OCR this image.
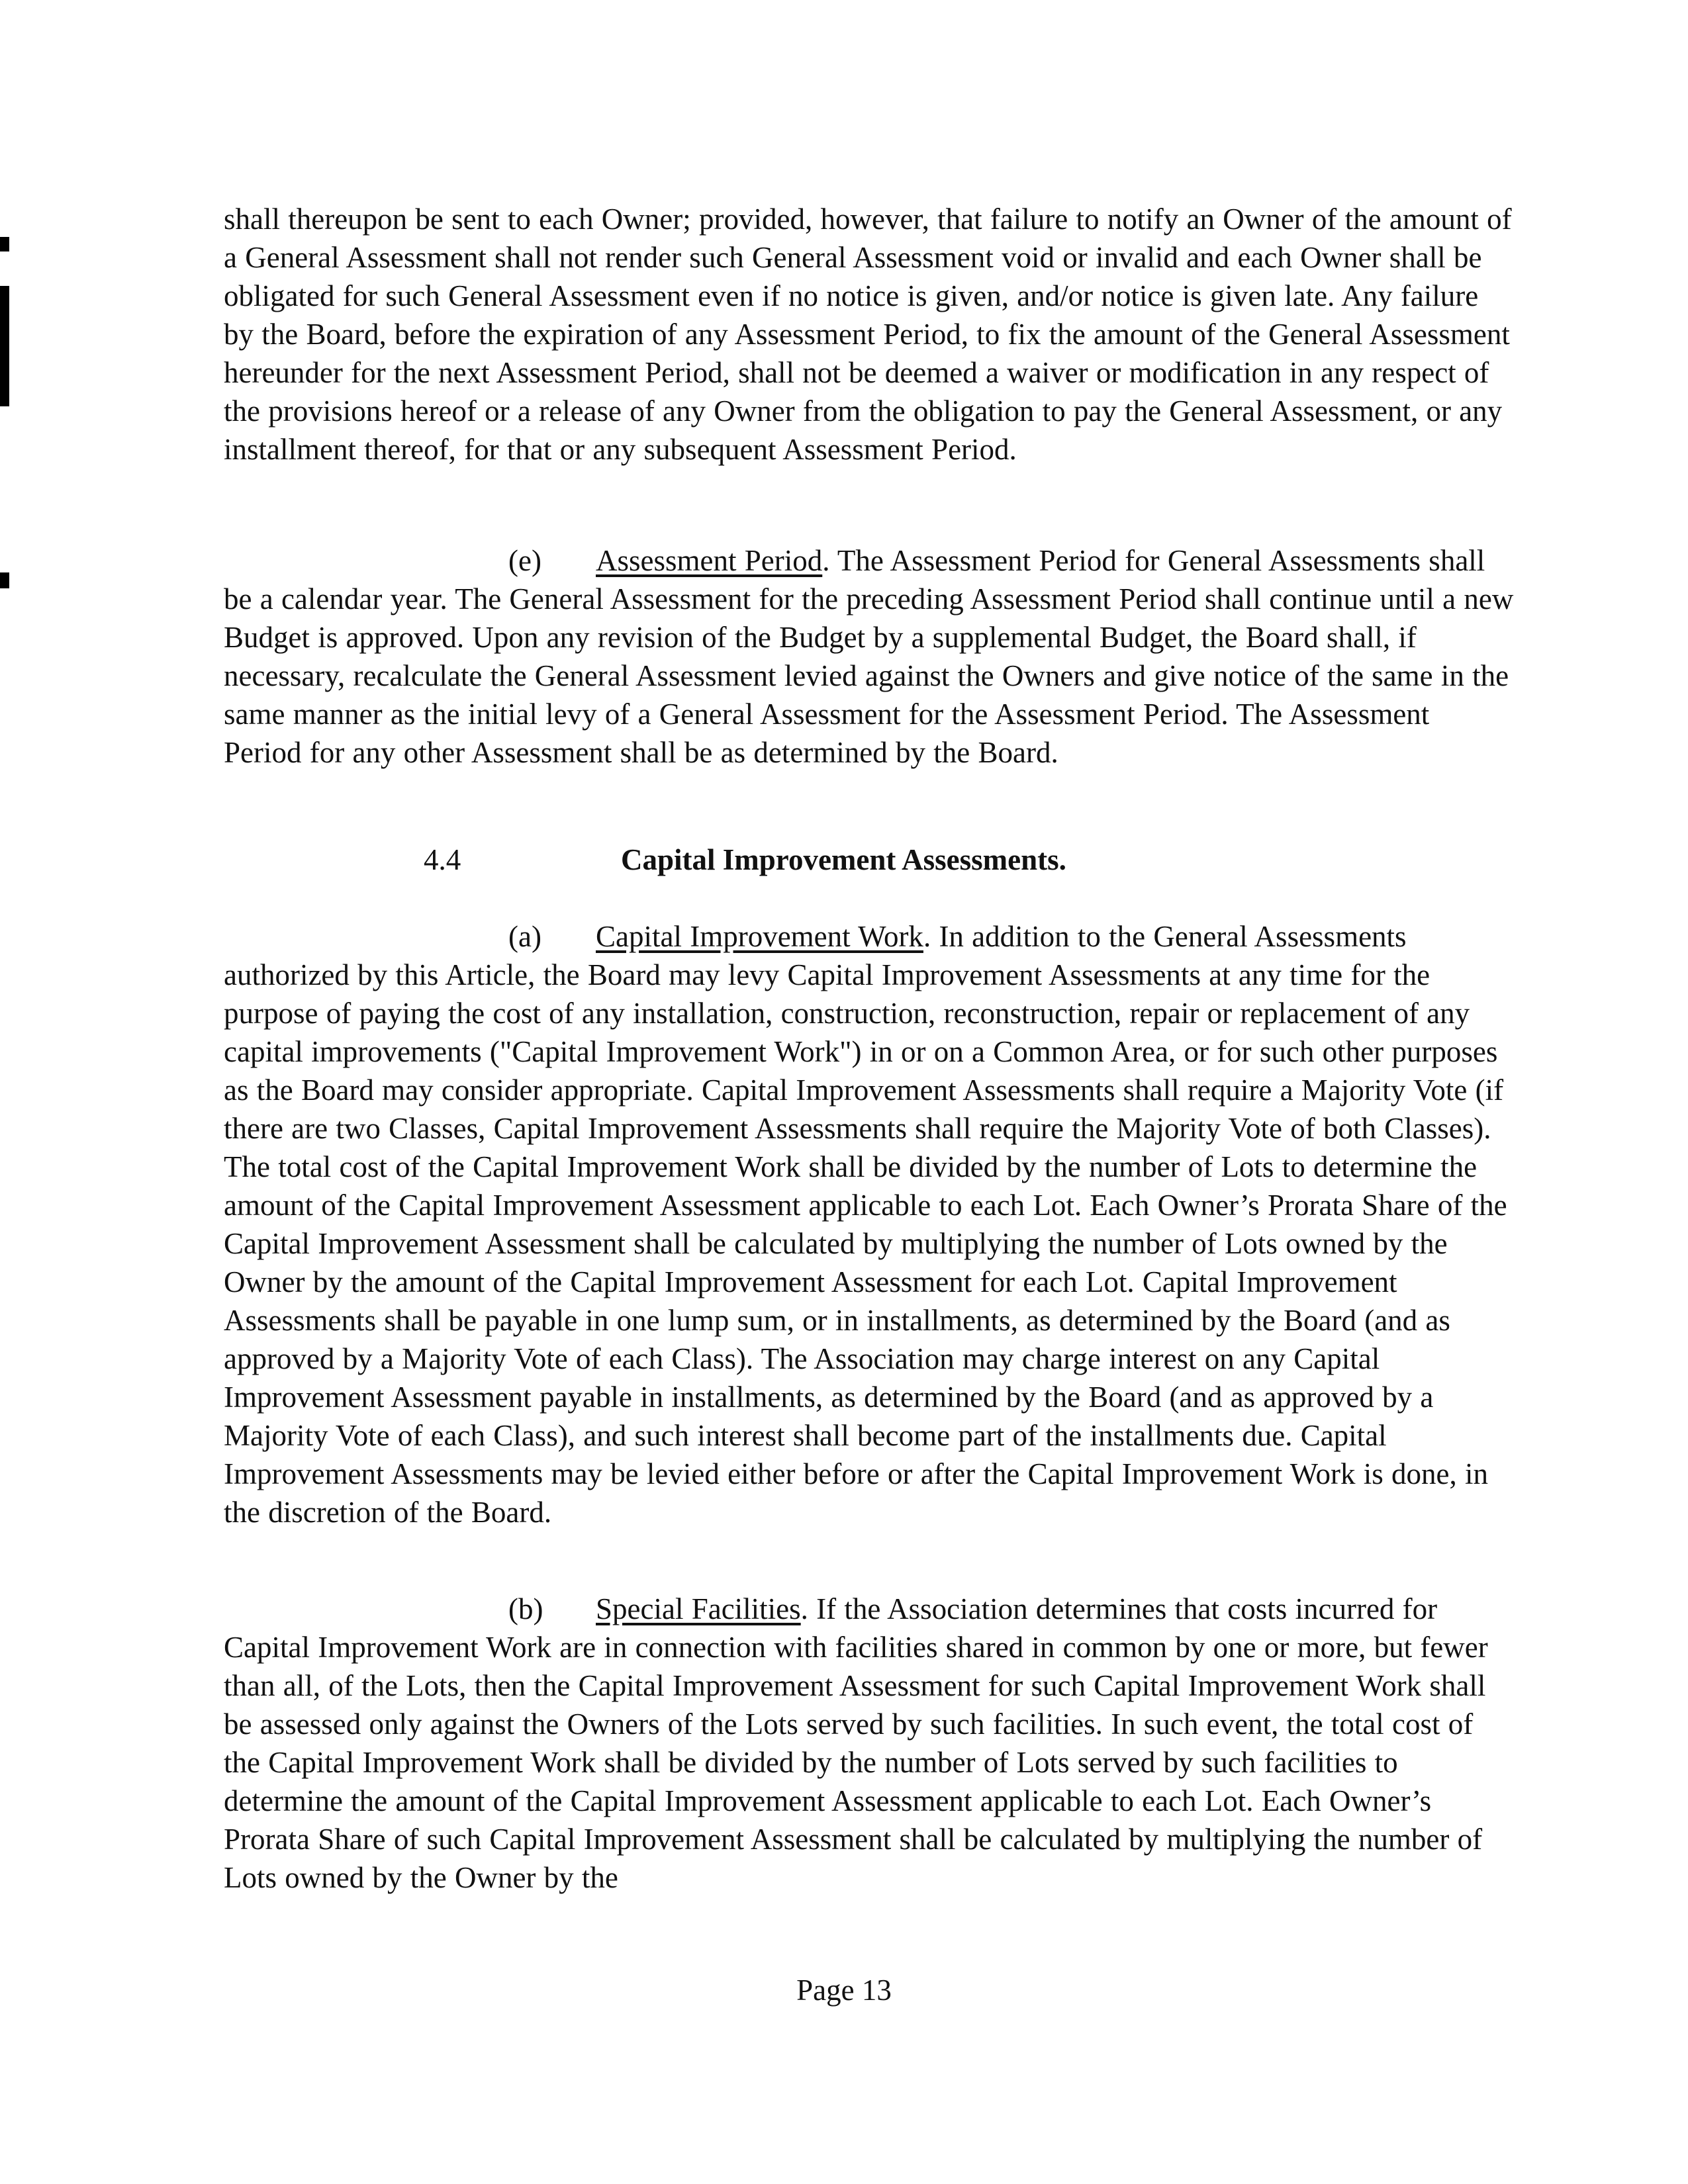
shall thereupon be sent to each Owner; provided, however, that failure to notify an Owner of the amount of a General Assessment shall not render such General Assessment void or invalid and each Owner shall be obligated for such General Assessment even if no notice is given, and/or notice is given late. Any failure by the Board, before the expiration of any Assessment Period, to fix the amount of the General Assessment hereunder for the next Assessment Period, shall not be deemed a waiver or modification in any respect of the provisions hereof or a release of any Owner from the obligation to pay the General Assessment, or any installment thereof, for that or any subsequent Assessment Period.

(e) Assessment Period. The Assessment Period for General Assessments shall be a calendar year. The General Assessment for the preceding Assessment Period shall continue until a new Budget is approved. Upon any revision of the Budget by a supplemental Budget, the Board shall, if necessary, recalculate the General Assessment levied against the Owners and give notice of the same in the same manner as the initial levy of a General Assessment for the Assessment Period. The Assessment Period for any other Assessment shall be as determined by the Board.

4.4	Capital Improvement Assessments.

(a) Capital Improvement Work. In addition to the General Assessments authorized by this Article, the Board may levy Capital Improvement Assessments at any time for the purpose of paying the cost of any installation, construction, reconstruction, repair or replacement of any capital improvements ("Capital Improvement Work") in or on a Common Area, or for such other purposes as the Board may consider appropriate. Capital Improvement Assessments shall require a Majority Vote (if there are two Classes, Capital Improvement Assessments shall require the Majority Vote of both Classes). The total cost of the Capital Improvement Work shall be divided by the number of Lots to determine the amount of the Capital Improvement Assessment applicable to each Lot. Each Owner’s Prorata Share of the Capital Improvement Assessment shall be calculated by multiplying the number of Lots owned by the Owner by the amount of the Capital Improvement Assessment for each Lot. Capital Improvement Assessments shall be payable in one lump sum, or in installments, as determined by the Board (and as approved by a Majority Vote of each Class). The Association may charge interest on any Capital Improvement Assessment payable in installments, as determined by the Board (and as approved by a Majority Vote of each Class), and such interest shall become part of the installments due. Capital Improvement Assessments may be levied either before or after the Capital Improvement Work is done, in the discretion of the Board.

(b) Special Facilities. If the Association determines that costs incurred for Capital Improvement Work are in connection with facilities shared in common by one or more, but fewer than all, of the Lots, then the Capital Improvement Assessment for such Capital Improvement Work shall be assessed only against the Owners of the Lots served by such facilities. In such event, the total cost of the Capital Improvement Work shall be divided by the number of Lots served by such facilities to determine the amount of the Capital Improvement Assessment applicable to each Lot. Each Owner’s Prorata Share of such Capital Improvement Assessment shall be calculated by multiplying the number of Lots owned by the Owner by the

Page 13
